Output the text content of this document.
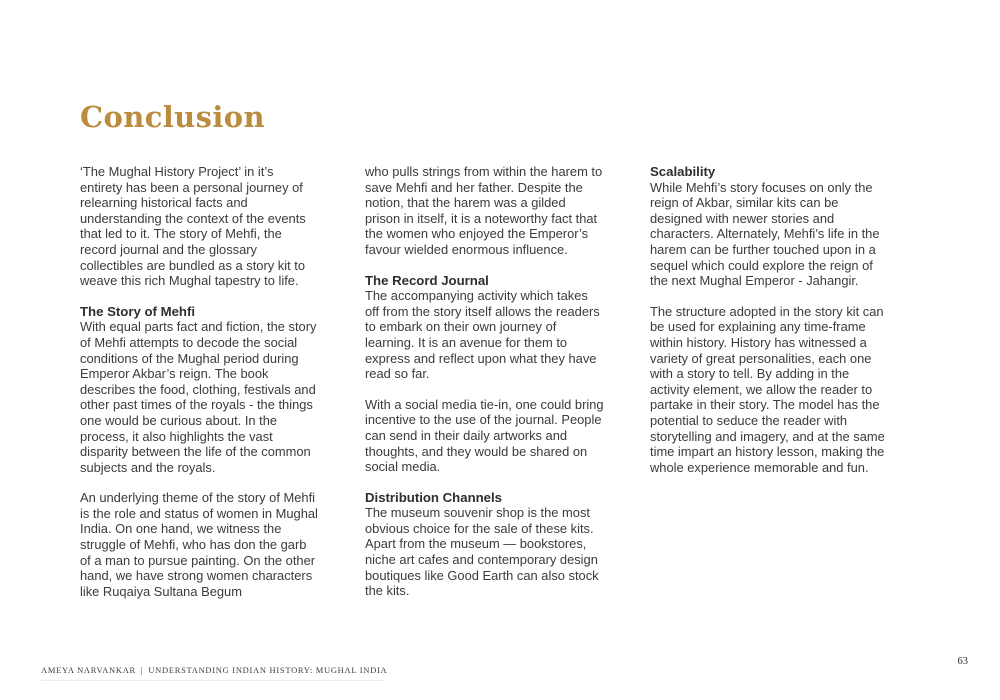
Conclusion

‘The Mughal History Project’ in it’s entirety has been a personal journey of relearning historical facts and understanding the context of the events that led to it. The story of Mehfi, the record journal and the glossary collectibles are bundled as a story kit to weave this rich Mughal tapestry to life.

The Story of Mehfi

With equal parts fact and fiction, the story of Mehfi attempts to decode the social conditions of the Mughal period during Emperor Akbar’s reign. The book describes the food, clothing, festivals and other past times of the royals - the things one would be curious about. In the process, it also highlights the vast disparity between the life of the common subjects and the royals.

An underlying theme of the story of Mehfi is the role and status of women in Mughal India. On one hand, we witness the struggle of Mehfi, who has don the garb of a man to pursue painting. On the other hand, we have strong women characters like Ruqaiya Sultana Begum

who pulls strings from within the harem to save Mehfi and her father. Despite the notion, that the harem was a gilded prison in itself, it is a noteworthy fact that the women who enjoyed the Emperor’s favour wielded enormous influence.

The Record Journal

The accompanying activity which takes off from the story itself allows the readers to embark on their own journey of learning. It is an avenue for them to express and reflect upon what they have read so far.

With a social media tie-in, one could bring incentive to the use of the journal. People can send in their daily artworks and thoughts, and they would be shared on social media.

Distribution Channels

The museum souvenir shop is the most obvious choice for the sale of these kits. Apart from the museum — bookstores, niche art cafes and contemporary design boutiques like Good Earth can also stock the kits.

Scalability

While Mehfi’s story focuses on only the reign of Akbar, similar kits can be designed with newer stories and characters. Alternately, Mehfi’s life in the harem can be further touched upon in a sequel which could explore the reign of the next Mughal Emperor - Jahangir.

The structure adopted in the story kit can be used for explaining any time-frame within history. History has witnessed a variety of great personalities, each one with a story to tell. By adding in the activity element, we allow the reader to partake in their story. The model has the potential to seduce the reader with storytelling and imagery, and at the same time impart an history lesson, making the whole experience memorable and fun.

AMEYA NARVANKAR | UNDERSTANDING INDIAN HISTORY: MUGHAL INDIA
63
